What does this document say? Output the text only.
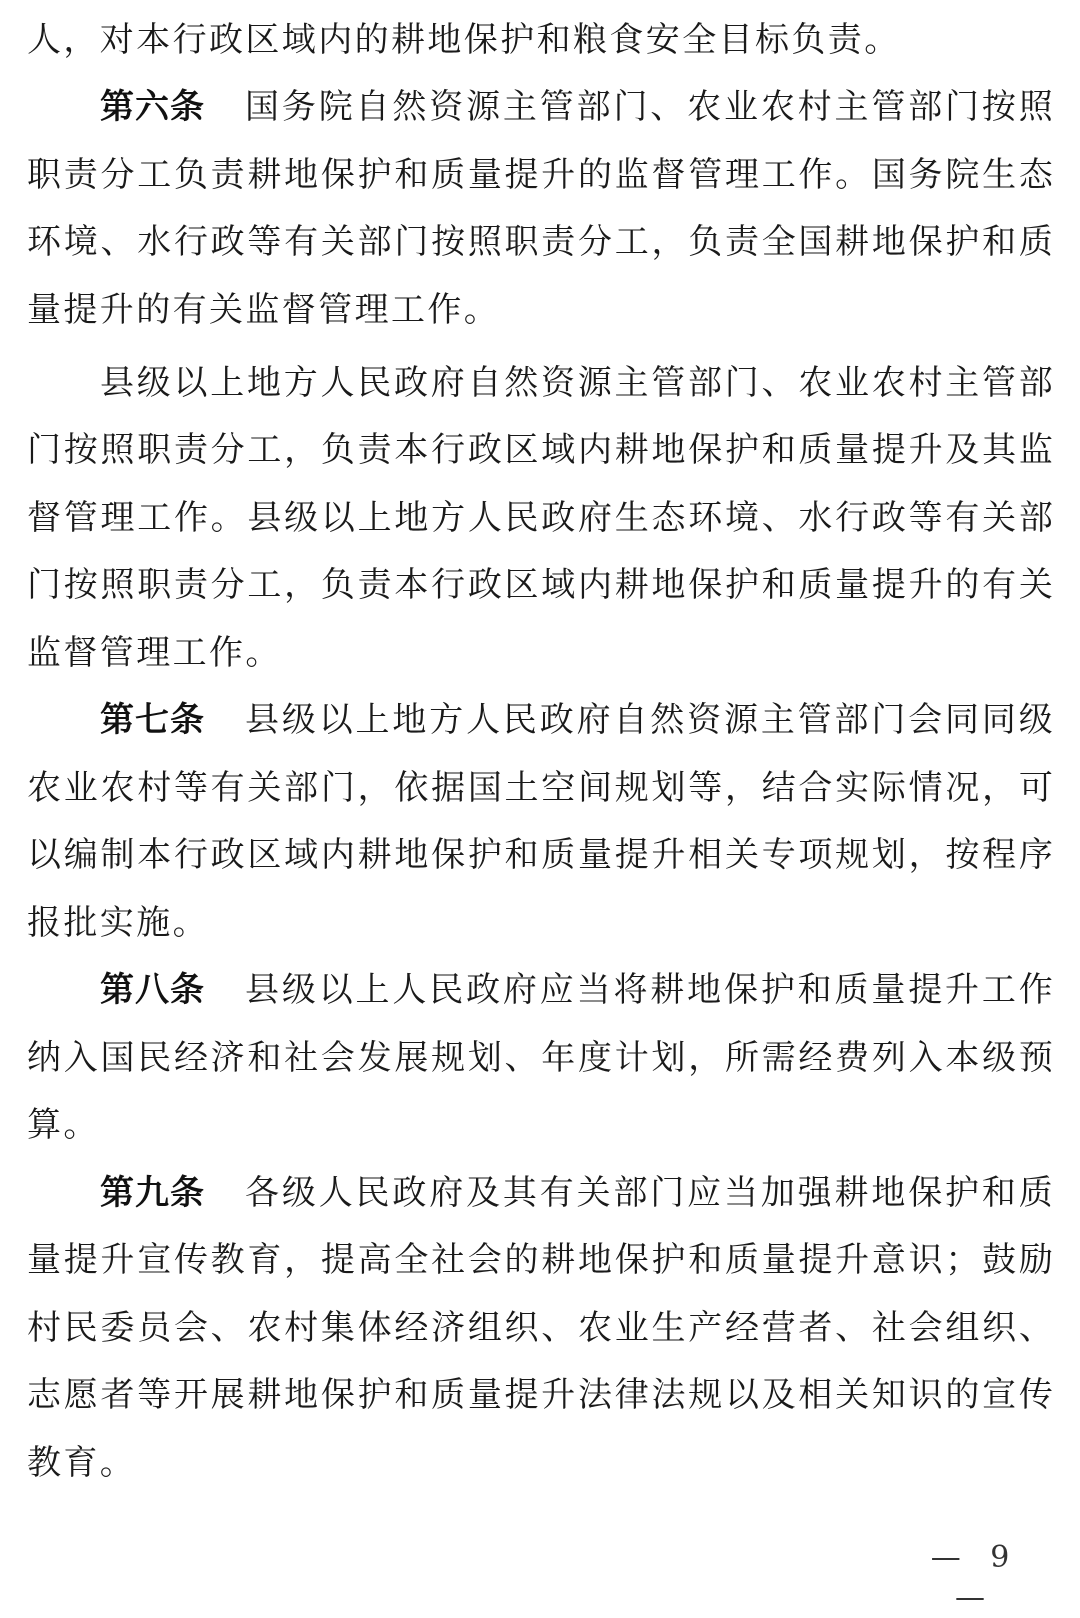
人，对本行政区域内的耕地保护和粮食安全目标负责。
第六条 国 务 院 自 然 资 源 主 管 部 门 、 农 业 农 村 主 管 部 门 按 照
职 责 分 工 负 责 耕 地 保 护 和 质 量 提 升 的 监 督 管 理 工 作 。 国 务 院 生 态
环 境 、 水 行 政 等 有 关 部 门 按 照 职 责 分 工 ， 负 责 全 国 耕 地 保 护 和 质
量提升的有关监督管理工作。
县 级 以 上 地 方 人 民 政 府 自 然 资 源 主 管 部 门 、 农 业 农 村 主 管 部
门 按 照 职 责 分 工 ， 负 责 本 行 政 区 域 内 耕 地 保 护 和 质 量 提 升 及 其 监
督 管 理 工 作 。 县 级 以 上 地 方 人 民 政 府 生 态 环 境 、 水 行 政 等 有 关 部
门 按 照 职 责 分 工 ， 负 责 本 行 政 区 域 内 耕 地 保 护 和 质 量 提 升 的 有 关
监督管理工作。
第七条 县 级 以 上 地 方 人 民 政 府 自 然 资 源 主 管 部 门 会 同 同 级
农 业 农 村 等 有 关 部 门 ， 依 据 国 土 空 间 规 划 等 ， 结 合 实 际 情 况 ， 可
以 编 制 本 行 政 区 域 内 耕 地 保 护 和 质 量 提 升 相 关 专 项 规 划 ， 按 程 序
报批实施。
第八条 县 级 以 上 人 民 政 府 应 当 将 耕 地 保 护 和 质 量 提 升 工 作
纳 入 国 民 经 济 和 社 会 发 展 规 划 、 年 度 计 划 ， 所 需 经 费 列 入 本 级 预
算。
第九条 各 级 人 民 政 府 及 其 有 关 部 门 应 当 加 强 耕 地 保 护 和 质
量 提 升 宣 传 教 育 ， 提 高 全 社 会 的 耕 地 保 护 和 质 量 提 升 意 识 ； 鼓 励
村 民 委 员 会 、 农 村 集 体 经 济 组 织 、 农 业 生 产 经 营 者 、 社 会 组 织 、
志 愿 者 等 开 展 耕 地 保 护 和 质 量 提 升 法 律 法 规 以 及 相 关 知 识 的 宣 传
教育。
— 9 —
